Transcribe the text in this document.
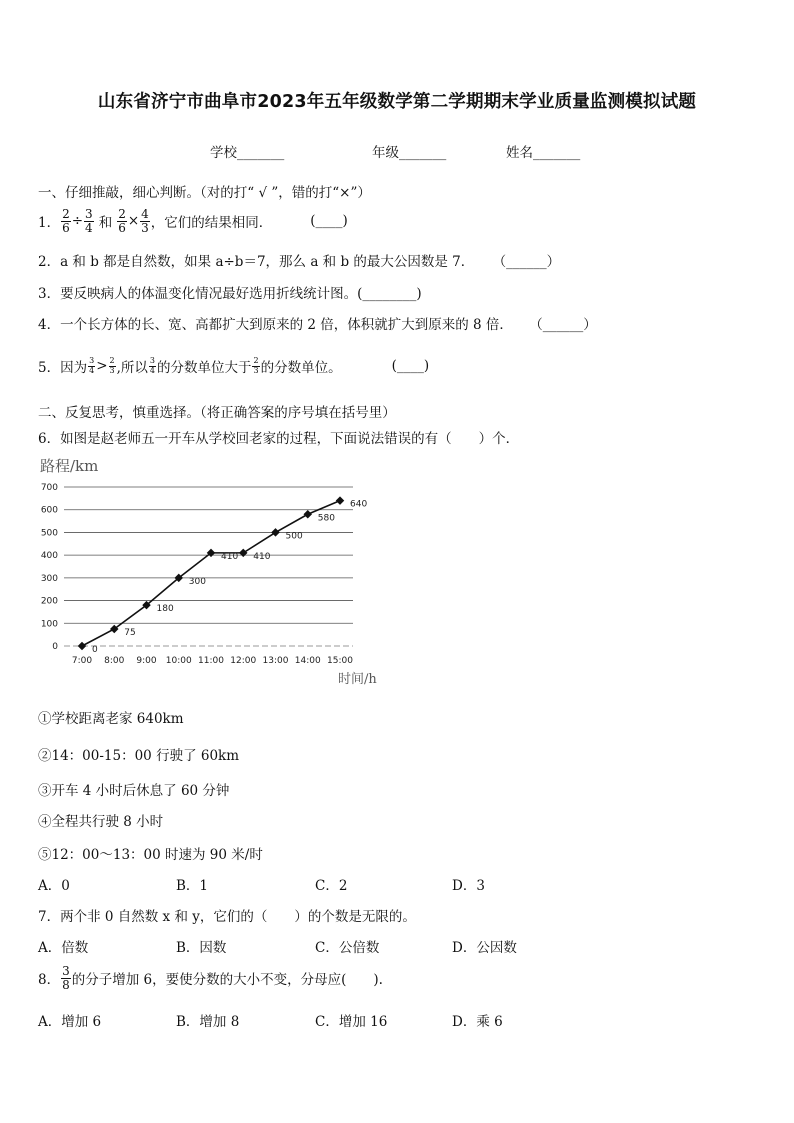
山东省济宁市曲阜市2023年五年级数学第二学期期末学业质量监测模拟试题
学校_______	年级_______	姓名_______
一、仔细推敲，细心判断。（对的打“ √ ”，错的打“×”）
1． $\frac{2}{6} \div \frac{3}{4}$ 和 $\frac{2}{6} \times \frac{4}{3}$ ，它们的结果相同．	(____)
2．a 和 b 都是自然数，如果 a÷b＝7，那么 a 和 b 的最大公因数是 7． （______）
3．要反映病人的体温变化情况最好选用折线统计图。(________)
4．一个长方体的长、宽、高都扩大到原来的 2 倍，体积就扩大到原来的 8 倍． （______）
5．因为 $\frac{3}{4} > \frac{2}{3}$ ,所以 $\frac{3}{4}$ 的分数单位大于 $\frac{2}{3}$ 的分数单位。	(____)
二、反复思考，慎重选择。（将正确答案的序号填在括号里）
6．如图是赵老师五一开车从学校回老家的过程，下面说法错误的有（　　）个．
路程/km
0
100
200
300
400
500
600
700
7:00 8:00 9:00 10:00 11:00 12:00 13:00 14:00 15:00
时间/h
0
75
180
300
410 410
500
580
640
①学校距离老家 640km
②14：00-15：00 行驶了 60km
③开车 4 小时后休息了 60 分钟
④全程共行驶 8 小时
⑤12：00～13：00 时速为 90 米/时
A．0	B．1	C．2	D．3
7．两个非 0 自然数 x 和 y，它们的（　　）的个数是无限的。
A．倍数	B．因数	C．公倍数	D．公因数
8． $\frac{3}{8}$ 的分子增加 6，要使分数的大小不变，分母应(　　).
A．增加 6	B．增加 8	C．增加 16	D．乘 6
